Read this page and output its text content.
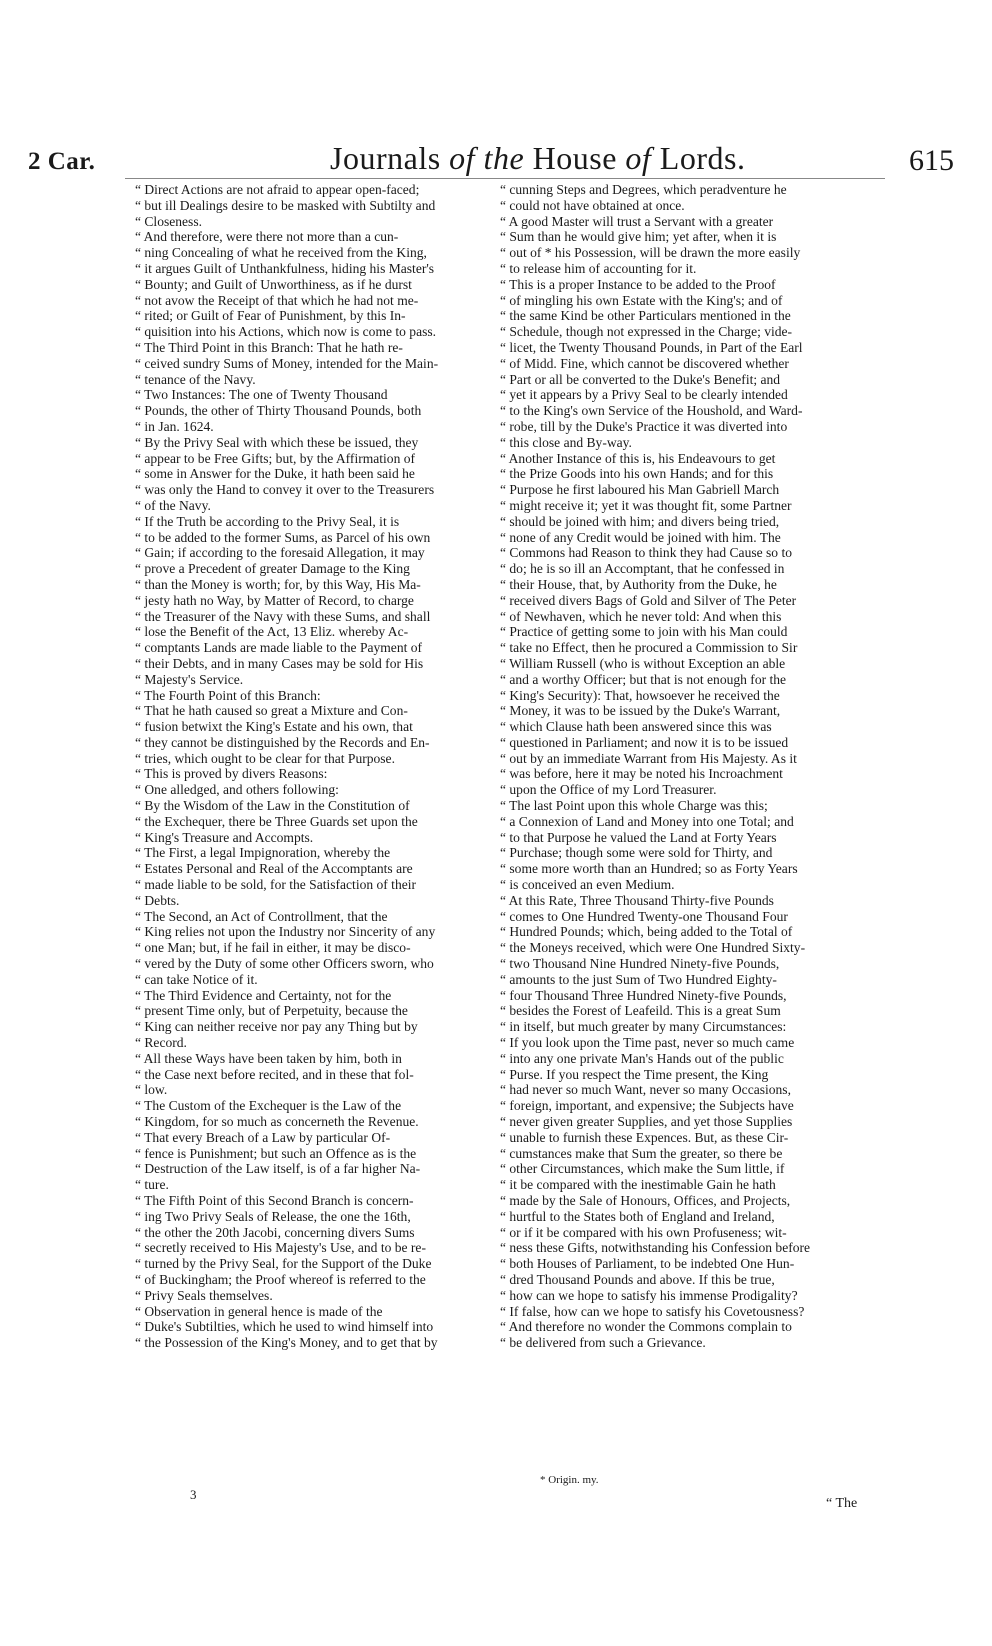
2 Car.	Journals of the House of Lords.	615
“ Direct Actions are not afraid to appear open-faced;
“ but ill Dealings desire to be masked with Subtilty and
“ Closeness.
“ And therefore, were there not more than a cun-
“ ning Concealing of what he received from the King,
“ it argues Guilt of Unthankfulness, hiding his Master's
“ Bounty; and Guilt of Unworthiness, as if he durst
“ not avow the Receipt of that which he had not me-
“ rited; or Guilt of Fear of Punishment, by this In-
“ quisition into his Actions, which now is come to pass.
“ The Third Point in this Branch: That he hath re-
“ ceived sundry Sums of Money, intended for the Main-
“ tenance of the Navy.
“ Two Instances: The one of Twenty Thousand
“ Pounds, the other of Thirty Thousand Pounds, both
“ in Jan. 1624.
“ By the Privy Seal with which these be issued, they
“ appear to be Free Gifts; but, by the Affirmation of
“ some in Answer for the Duke, it hath been said he
“ was only the Hand to convey it over to the Treasurers
“ of the Navy.
“ If the Truth be according to the Privy Seal, it is
“ to be added to the former Sums, as Parcel of his own
“ Gain; if according to the foresaid Allegation, it may
“ prove a Precedent of greater Damage to the King
“ than the Money is worth; for, by this Way, His Ma-
“ jesty hath no Way, by Matter of Record, to charge
“ the Treasurer of the Navy with these Sums, and shall
“ lose the Benefit of the Act, 13 Eliz. whereby Ac-
“ comptants Lands are made liable to the Payment of
“ their Debts, and in many Cases may be sold for His
“ Majesty's Service.
“ The Fourth Point of this Branch:
“ That he hath caused so great a Mixture and Con-
“ fusion betwixt the King's Estate and his own, that
“ they cannot be distinguished by the Records and En-
“ tries, which ought to be clear for that Purpose.
“ This is proved by divers Reasons:
“ One alledged, and others following:
“ By the Wisdom of the Law in the Constitution of
“ the Exchequer, there be Three Guards set upon the
“ King's Treasure and Accompts.
“ The First, a legal Impignoration, whereby the
“ Estates Personal and Real of the Accomptants are
“ made liable to be sold, for the Satisfaction of their
“ Debts.
“ The Second, an Act of Controllment, that the
“ King relies not upon the Industry nor Sincerity of any
“ one Man; but, if he fail in either, it may be disco-
“ vered by the Duty of some other Officers sworn, who
“ can take Notice of it.
“ The Third Evidence and Certainty, not for the
“ present Time only, but of Perpetuity, because the
“ King can neither receive nor pay any Thing but by
“ Record.
“ All these Ways have been taken by him, both in
“ the Case next before recited, and in these that fol-
“ low.
“ The Custom of the Exchequer is the Law of the
“ Kingdom, for so much as concerneth the Revenue.
“ That every Breach of a Law by particular Of-
“ fence is Punishment; but such an Offence as is the
“ Destruction of the Law itself, is of a far higher Na-
“ ture.
“ The Fifth Point of this Second Branch is concern-
“ ing Two Privy Seals of Release, the one the 16th,
“ the other the 20th Jacobi, concerning divers Sums
“ secretly received to His Majesty's Use, and to be re-
“ turned by the Privy Seal, for the Support of the Duke
“ of Buckingham; the Proof whereof is referred to the
“ Privy Seals themselves.
“ Observation in general hence is made of the
“ Duke's Subtilties, which he used to wind himself into
“ the Possession of the King's Money, and to get that by
“ cunning Steps and Degrees, which peradventure he
“ could not have obtained at once.
“ A good Master will trust a Servant with a greater
“ Sum than he would give him; yet after, when it is
“ out of * his Possession, will be drawn the more easily
“ to release him of accounting for it.
“ This is a proper Instance to be added to the Proof
“ of mingling his own Estate with the King's; and of
“ the same Kind be other Particulars mentioned in the
“ Schedule, though not expressed in the Charge; vide-
“ licet, the Twenty Thousand Pounds, in Part of the Earl
“ of Midd. Fine, which cannot be discovered whether
“ Part or all be converted to the Duke's Benefit; and
“ yet it appears by a Privy Seal to be clearly intended
“ to the King's own Service of the Houshold, and Ward-
“ robe, till by the Duke's Practice it was diverted into
“ this close and By-way.
“ Another Instance of this is, his Endeavours to get
“ the Prize Goods into his own Hands; and for this
“ Purpose he first laboured his Man Gabriell March
“ might receive it; yet it was thought fit, some Partner
“ should be joined with him; and divers being tried,
“ none of any Credit would be joined with him. The
“ Commons had Reason to think they had Cause so to
“ do; he is so ill an Accomptant, that he confessed in
“ their House, that, by Authority from the Duke, he
“ received divers Bags of Gold and Silver of The Peter
“ of Newhaven, which he never told: And when this
“ Practice of getting some to join with his Man could
“ take no Effect, then he procured a Commission to Sir
“ William Russell (who is without Exception an able
“ and a worthy Officer; but that is not enough for the
“ King's Security): That, howsoever he received the
“ Money, it was to be issued by the Duke's Warrant,
“ which Clause hath been answered since this was
“ questioned in Parliament; and now it is to be issued
“ out by an immediate Warrant from His Majesty. As it
“ was before, here it may be noted his Incroachment
“ upon the Office of my Lord Treasurer.
“ The last Point upon this whole Charge was this;
“ a Connexion of Land and Money into one Total; and
“ to that Purpose he valued the Land at Forty Years
“ Purchase; though some were sold for Thirty, and
“ some more worth than an Hundred; so as Forty Years
“ is conceived an even Medium.
“ At this Rate, Three Thousand Thirty-five Pounds
“ comes to One Hundred Twenty-one Thousand Four
“ Hundred Pounds; which, being added to the Total of
“ the Moneys received, which were One Hundred Sixty-
“ two Thousand Nine Hundred Ninety-five Pounds,
“ amounts to the just Sum of Two Hundred Eighty-
“ four Thousand Three Hundred Ninety-five Pounds,
“ besides the Forest of Leafeild. This is a great Sum
“ in itself, but much greater by many Circumstances:
“ If you look upon the Time past, never so much came
“ into any one private Man's Hands out of the public
“ Purse. If you respect the Time present, the King
“ had never so much Want, never so many Occasions,
“ foreign, important, and expensive; the Subjects have
“ never given greater Supplies, and yet those Supplies
“ unable to furnish these Expences. But, as these Cir-
“ cumstances make that Sum the greater, so there be
“ other Circumstances, which make the Sum little, if
“ it be compared with the inestimable Gain he hath
“ made by the Sale of Honours, Offices, and Projects,
“ hurtful to the States both of England and Ireland,
“ or if it be compared with his own Profuseness; wit-
“ ness these Gifts, notwithstanding his Confession before
“ both Houses of Parliament, to be indebted One Hun-
“ dred Thousand Pounds and above. If this be true,
“ how can we hope to satisfy his immense Prodigality?
“ If false, how can we hope to satisfy his Covetousness?
“ And therefore no wonder the Commons complain to
“ be delivered from such a Grievance.
3
* Origin. my.
“ The
